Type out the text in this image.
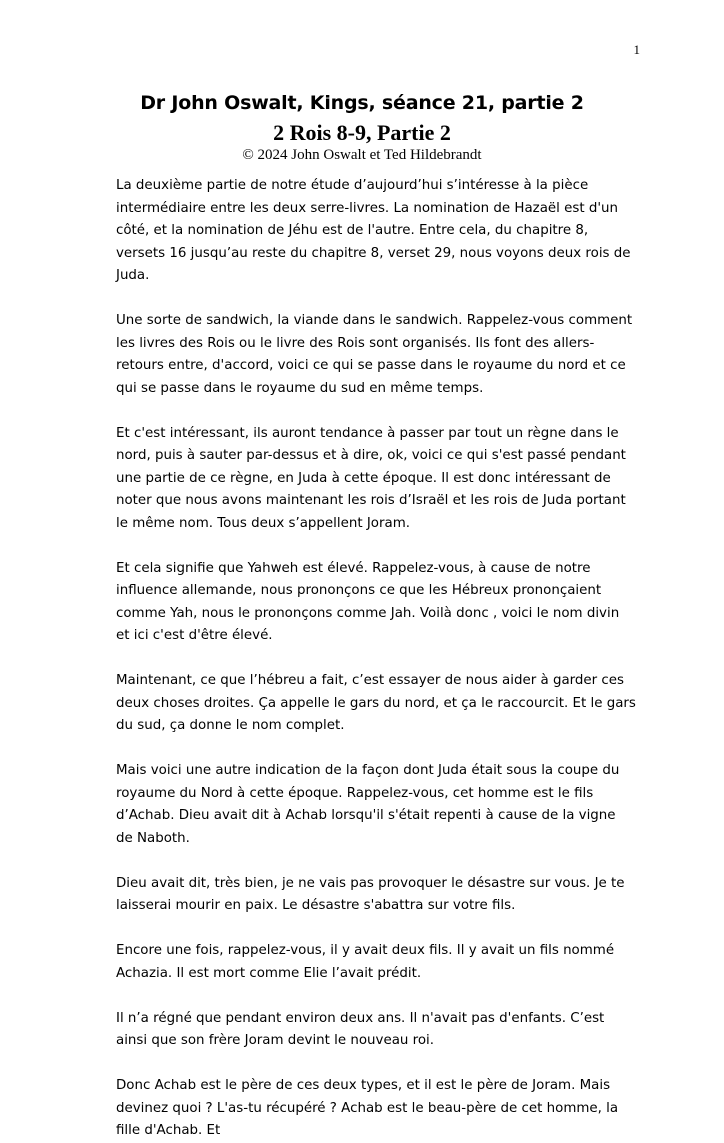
1
Dr John Oswalt, Kings, séance 21, partie 2
2 Rois 8-9, Partie 2
© 2024 John Oswalt et Ted Hildebrandt

La deuxième partie de notre étude d’aujourd’hui s’intéresse à la pièce intermédiaire entre les deux serre-livres. La nomination de Hazaël est d'un côté, et la nomination de Jéhu est de l'autre. Entre cela, du chapitre 8, versets 16 jusqu’au reste du chapitre 8, verset 29, nous voyons deux rois de Juda.

Une sorte de sandwich, la viande dans le sandwich. Rappelez-vous comment les livres des Rois ou le livre des Rois sont organisés. Ils font des allers-retours entre, d'accord, voici ce qui se passe dans le royaume du nord et ce qui se passe dans le royaume du sud en même temps.

Et c'est intéressant, ils auront tendance à passer par tout un règne dans le nord, puis à sauter par-dessus et à dire, ok, voici ce qui s'est passé pendant une partie de ce règne, en Juda à cette époque. Il est donc intéressant de noter que nous avons maintenant les rois d’Israël et les rois de Juda portant le même nom. Tous deux s’appellent Joram.

Et cela signifie que Yahweh est élevé. Rappelez-vous, à cause de notre influence allemande, nous prononçons ce que les Hébreux prononçaient comme Yah, nous le prononçons comme Jah. Voilà donc , voici le nom divin et ici c'est d'être élevé.

Maintenant, ce que l’hébreu a fait, c’est essayer de nous aider à garder ces deux choses droites. Ça appelle le gars du nord, et ça le raccourcit. Et le gars du sud, ça donne le nom complet.

Mais voici une autre indication de la façon dont Juda était sous la coupe du royaume du Nord à cette époque. Rappelez-vous, cet homme est le fils d’Achab. Dieu avait dit à Achab lorsqu'il s'était repenti à cause de la vigne de Naboth.

Dieu avait dit, très bien, je ne vais pas provoquer le désastre sur vous. Je te laisserai mourir en paix. Le désastre s'abattra sur votre fils.

Encore une fois, rappelez-vous, il y avait deux fils. Il y avait un fils nommé Achazia. Il est mort comme Elie l’avait prédit.

Il n’a régné que pendant environ deux ans. Il n'avait pas d'enfants. C’est ainsi que son frère Joram devint le nouveau roi.

Donc Achab est le père de ces deux types, et il est le père de Joram. Mais devinez quoi ? L'as-tu récupéré ? Achab est le beau-père de cet homme, la fille d'Achab. Et
